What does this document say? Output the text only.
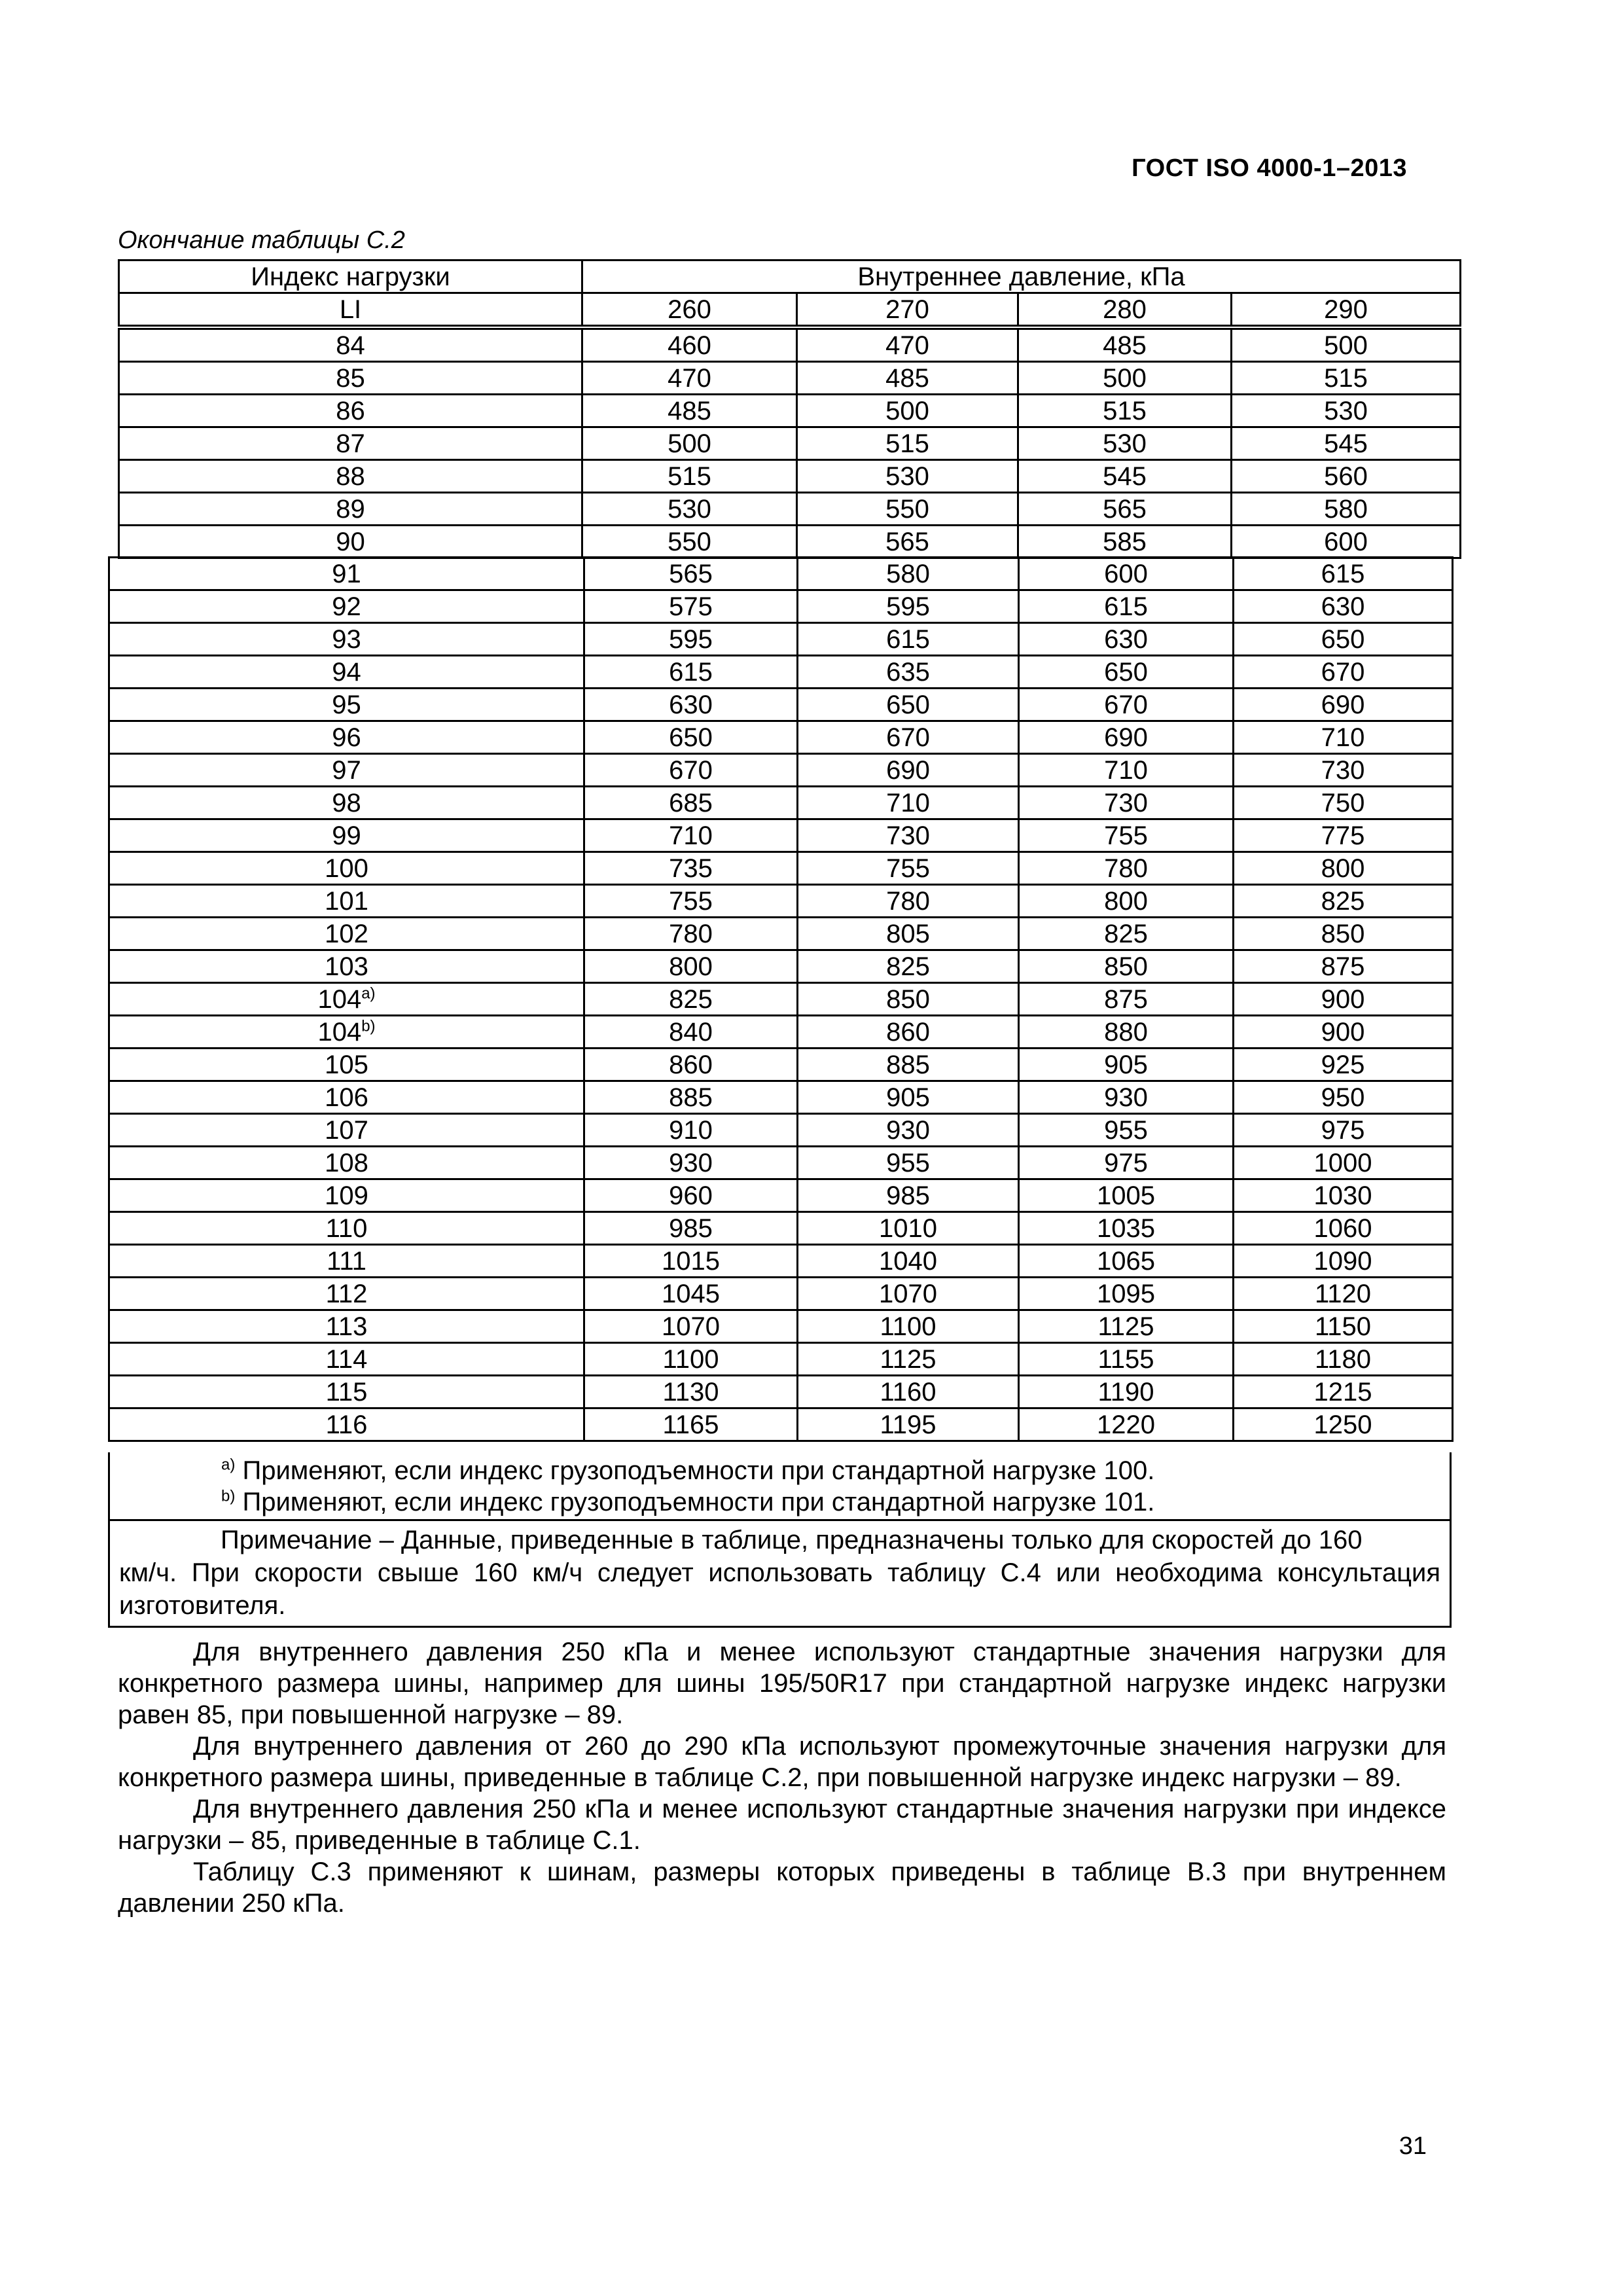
ГОСТ ISO 4000-1–2013
Окончание таблицы С.2
Индекс нагрузки	Внутреннее давление, кПа			
LI	260	270	280	290
84	460	470	485	500
85	470	485	500	515
86	485	500	515	530
87	500	515	530	545
88	515	530	545	560
89	530	550	565	580
90	550	565	585	600
91	565	580	600	615
92	575	595	615	630
93	595	615	630	650
94	615	635	650	670
95	630	650	670	690
96	650	670	690	710
97	670	690	710	730
98	685	710	730	750
99	710	730	755	775
100	735	755	780	800
101	755	780	800	825
102	780	805	825	850
103	800	825	850	875
104$^{a)}$	825	850	875	900
104$^{b)}$	840	860	880	900
105	860	885	905	925
106	885	905	930	950
107	910	930	955	975
108	930	955	975	1000
109	960	985	1005	1030
110	985	1010	1035	1060
111	1015	1040	1065	1090
112	1045	1070	1095	1120
113	1070	1100	1125	1150
114	1100	1125	1155	1180
115	1130	1160	1190	1215
116	1165	1195	1220	1250
$^{a)}$ Применяют, если индекс грузоподъемности при стандартной нагрузке 100.
$^{b)}$ Применяют, если индекс грузоподъемности при стандартной нагрузке 101.
Примечание – Данные, приведенные в таблице, предназначены только для скоростей до 160
км/ч. При скорости свыше 160 км/ч следует использовать таблицу С.4 или необходима консультация изготовителя.

Для внутреннего давления 250 кПа и менее используют стандартные значения нагрузки для конкретного размера шины, например для шины 195/50R17 при стандартной нагрузке индекс нагрузки равен 85, при повышенной нагрузке – 89.

Для внутреннего давления от 260 до 290 кПа используют промежуточные значения нагрузки для конкретного размера шины, приведенные в таблице С.2, при повышенной нагрузке индекс нагрузки – 89.

Для внутреннего давления 250 кПа и менее используют стандартные значения нагрузки при индексе нагрузки – 85, приведенные в таблице С.1.

Таблицу С.3 применяют к шинам, размеры которых приведены в таблице В.3 при внутреннем давлении 250 кПа.

31
